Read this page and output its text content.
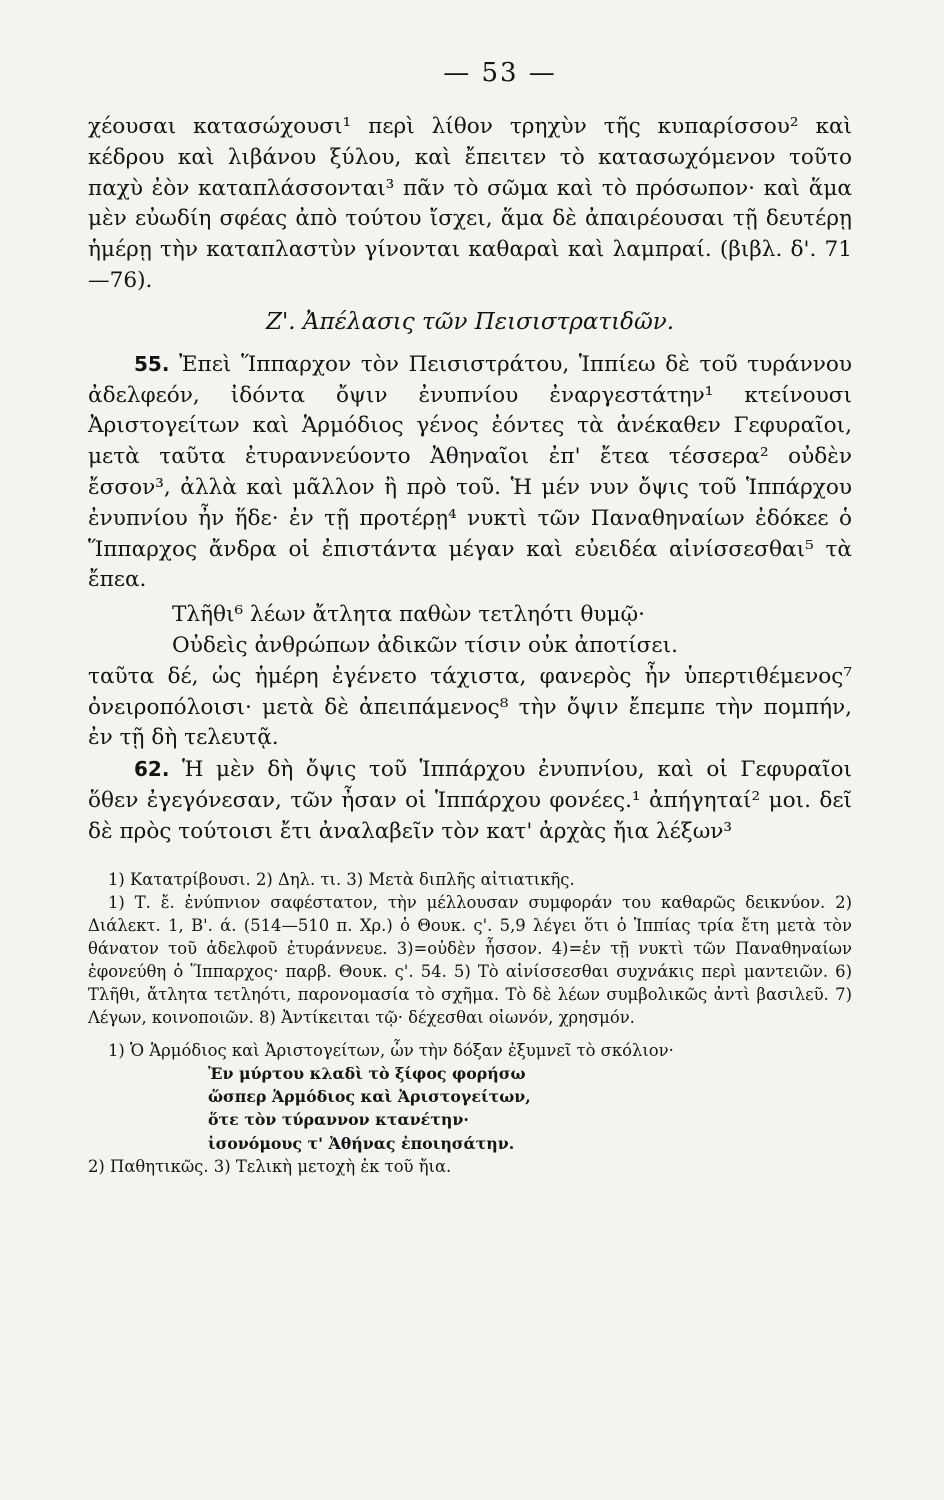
— 53 —

χέουσαι κατασώχουσι¹ περὶ λίθον τρηχὺν τῆς κυπαρίσσου² καὶ κέδρου καὶ λιβάνου ξύλου, καὶ ἔπειτεν τὸ κατασωχόμενον τοῦτο παχὺ ἐὸν καταπλάσσονται³ πᾶν τὸ σῶμα καὶ τὸ πρόσωπον· καὶ ἅμα μὲν εὐωδίη σφέας ἀπὸ τούτου ἴσχει, ἅμα δὲ ἀπαιρέουσαι τῇ δευτέρῃ ἡμέρῃ τὴν καταπλαστὺν γίνονται καθαραὶ καὶ λαμπραί. (βιβλ. δ'. 71—76).

Ζ'. Ἀπέλασις τῶν Πεισιστρατιδῶν.

55. Ἐπεὶ Ἵππαρχον τὸν Πεισιστράτου, Ἱππίεω δὲ τοῦ τυράννου ἀδελφεόν, ἰδόντα ὄψιν ἐνυπνίου ἐναργεστάτην¹ κτείνουσι Ἀριστογείτων καὶ Ἁρμόδιος γένος ἐόντες τὰ ἀνέκαθεν Γεφυραῖοι, μετὰ ταῦτα ἐτυραννεύοντο Ἀθηναῖοι ἐπ' ἔτεα τέσσερα² οὐδὲν ἔσσον³, ἀλλὰ καὶ μᾶλλον ἢ πρὸ τοῦ. Ἡ μέν νυν ὄψις τοῦ Ἱππάρχου ἐνυπνίου ἦν ἥδε· ἐν τῇ προτέρῃ⁴ νυκτὶ τῶν Παναθηναίων ἐδόκεε ὁ Ἵππαρχος ἄνδρα οἱ ἐπιστάντα μέγαν καὶ εὐειδέα αἰνίσσεσθαι⁵ τὰ ἔπεα.

Τλῆθι⁶ λέων ἄτλητα παθὼν τετληότι θυμῷ·
Οὐδεὶς ἀνθρώπων ἀδικῶν τίσιν οὐκ ἀποτίσει.

ταῦτα δέ, ὡς ἡμέρη ἐγένετο τάχιστα, φανερὸς ἦν ὑπερτιθέμενος⁷ ὀνειροπόλοισι· μετὰ δὲ ἀπειπάμενος⁸ τὴν ὄψιν ἔπεμπε τὴν πομπήν, ἐν τῇ δὴ τελευτᾷ.

62. Ἡ μὲν δὴ ὄψις τοῦ Ἱππάρχου ἐνυπνίου, καὶ οἱ Γεφυραῖοι ὅθεν ἐγεγόνεσαν, τῶν ἦσαν οἱ Ἱππάρχου φονέες.¹ ἀπήγηταί² μοι. δεῖ δὲ πρὸς τούτοισι ἔτι ἀναλαβεῖν τὸν κατ' ἀρχὰς ἤια λέξων³

1) Κατατρίβουσι. 2) Δηλ. τι. 3) Μετὰ διπλῆς αἰτιατικῆς.
1) Τ. ἔ. ἐνύπνιον σαφέστατον, τὴν μέλλουσαν συμφοράν του καθαρῶς δεικνύον. 2) Διάλεκτ. 1, Β'. ά. (514—510 π. Χρ.) ὁ Θουκ. ς'. 5,9 λέγει ὅτι ὁ Ἱππίας τρία ἔτη μετὰ τὸν θάνατον τοῦ ἀδελφοῦ ἐτυράννευε. 3)=οὐδὲν ἧσσον. 4)=ἐν τῇ νυκτὶ τῶν Παναθηναίων ἐφονεύθη ὁ Ἵππαρχος· παρβ. Θουκ. ς'. 54. 5) Τὸ αἰνίσσεσθαι συχνάκις περὶ μαντειῶν. 6) Τλῆθι, ἄτλητα τετληότι, παρονομασία τὸ σχῆμα. Τὸ δὲ λέων συμβολικῶς ἀντὶ βασιλεῦ. 7) Λέγων, κοινοποιῶν. 8) Ἀντίκειται τῷ· δέχεσθαι οἰωνόν, χρησμόν.
1) Ὁ Ἁρμόδιος καὶ Ἀριστογείτων, ὧν τὴν δόξαν ἐξυμνεῖ τὸ σκόλιον·
Ἐν μύρτου κλαδὶ τὸ ξίφος φορήσω
ὥσπερ Ἁρμόδιος καὶ Ἀριστογείτων,
ὅτε τὸν τύραννον κτανέτην·
ἰσονόμους τ' Ἀθήνας ἐποιησάτην.
2) Παθητικῶς. 3) Τελικὴ μετοχὴ ἐκ τοῦ ἤια.
